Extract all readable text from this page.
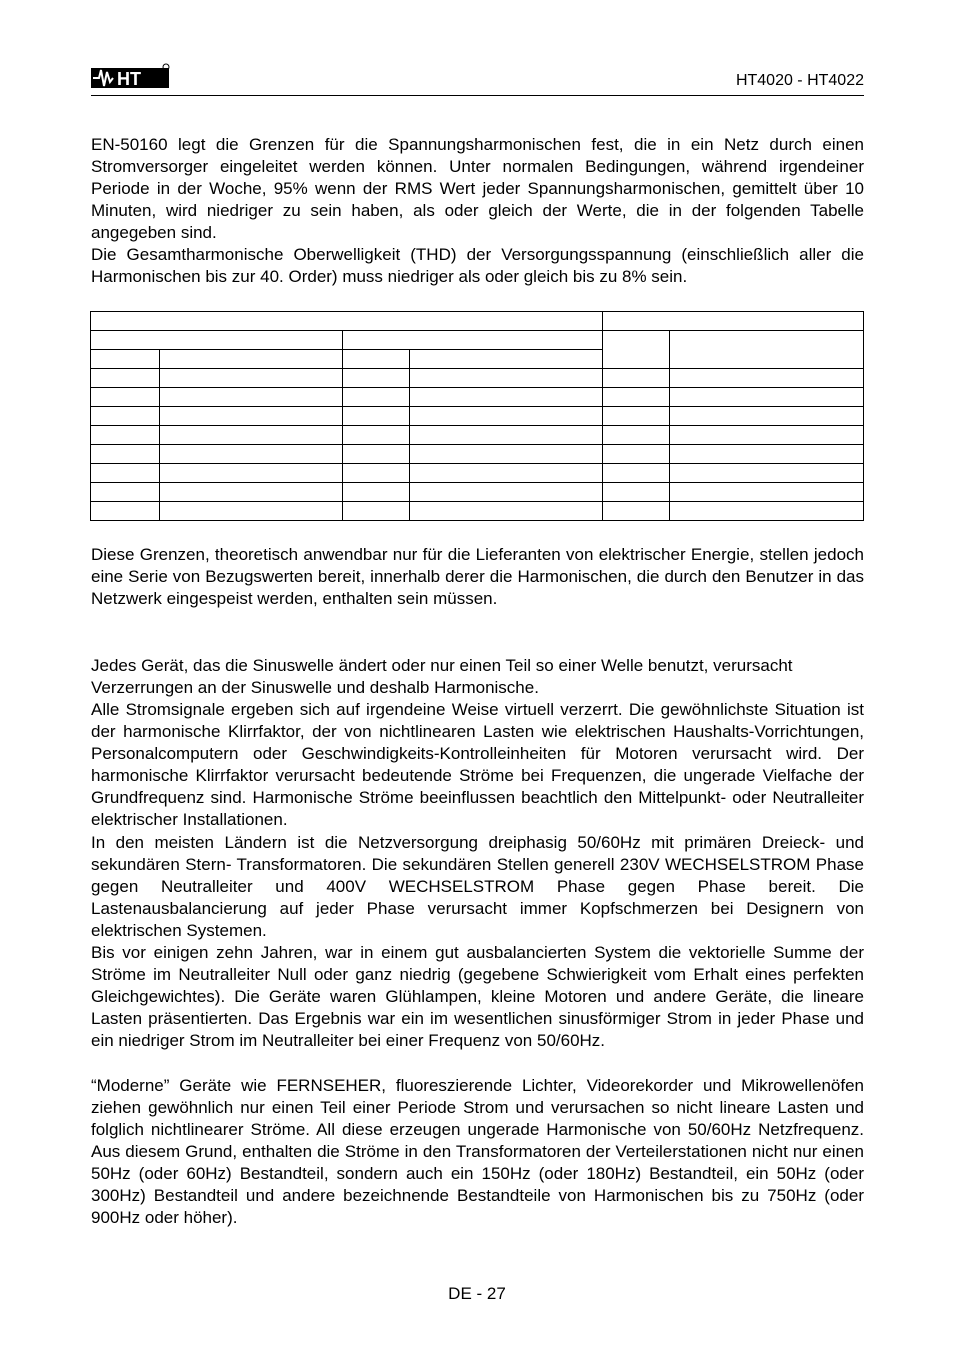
HT	HT4020 - HT4022

EN-50160 legt die Grenzen für die Spannungsharmonischen fest, die in ein Netz durch einen Stromversorger eingeleitet werden können. Unter normalen Bedingungen, während irgendeiner Periode in der Woche, 95% wenn der RMS Wert jeder Spannungsharmonischen, gemittelt über 10 Minuten, wird niedriger zu sein haben, als oder gleich der Werte, die in der folgenden Tabelle angegeben sind.

Die Gesamtharmonische Oberwelligkeit (THD) der Versorgungsspannung (einschließlich aller die Harmonischen bis zur 40. Order) muss niedriger als oder gleich bis zu 8% sein.

Diese Grenzen, theoretisch anwendbar nur für die Lieferanten von elektrischer Energie, stellen jedoch eine Serie von Bezugswerten bereit, innerhalb derer die Harmonischen, die durch den Benutzer in das Netzwerk eingespeist werden, enthalten sein müssen.

Jedes Gerät, das die Sinuswelle ändert oder nur einen Teil so einer Welle benutzt, verursacht Verzerrungen an der Sinuswelle und deshalb Harmonische.

Alle Stromsignale ergeben sich auf irgendeine Weise virtuell verzerrt. Die gewöhnlichste Situation ist der harmonische Klirrfaktor, der von nichtlinearen Lasten wie elektrischen Haushalts-Vorrichtungen, Personalcomputern oder Geschwindigkeits-Kontrolleinheiten für Motoren verursacht wird. Der harmonische Klirrfaktor verursacht bedeutende Ströme bei Frequenzen, die ungerade Vielfache der Grundfrequenz sind. Harmonische Ströme beeinflussen beachtlich den Mittelpunkt- oder Neutralleiter elektrischer Installationen.

In den meisten Ländern ist die Netzversorgung dreiphasig 50/60Hz mit primären Dreieck- und sekundären Stern- Transformatoren. Die sekundären Stellen generell 230V WECHSELSTROM Phase gegen Neutralleiter und 400V WECHSELSTROM Phase gegen Phase bereit. Die Lastenausbalancierung auf jeder Phase verursacht immer Kopfschmerzen bei Designern von elektrischen Systemen.

Bis vor einigen zehn Jahren, war in einem gut ausbalancierten System die vektorielle Summe der Ströme im Neutralleiter Null oder ganz niedrig (gegebene Schwierigkeit vom Erhalt eines perfekten Gleichgewichtes). Die Geräte waren Glühlampen, kleine Motoren und andere Geräte, die lineare Lasten präsentierten. Das Ergebnis war ein im wesentlichen sinusförmiger Strom in jeder Phase und ein niedriger Strom im Neutralleiter bei einer Frequenz von 50/60Hz.

“Moderne” Geräte wie FERNSEHER, fluoreszierende Lichter, Videorekorder und Mikrowellenöfen ziehen gewöhnlich nur einen Teil einer Periode Strom und verursachen so nicht lineare Lasten und folglich nichtlinearer Ströme. All diese erzeugen ungerade Harmonische von 50/60Hz Netzfrequenz. Aus diesem Grund, enthalten die Ströme in den Transformatoren der Verteilerstationen nicht nur einen 50Hz (oder 60Hz) Bestandteil, sondern auch ein 150Hz (oder 180Hz) Bestandteil, ein 50Hz (oder 300Hz) Bestandteil und andere bezeichnende Bestandteile von Harmonischen bis zu 750Hz (oder 900Hz oder höher).

DE - 27
